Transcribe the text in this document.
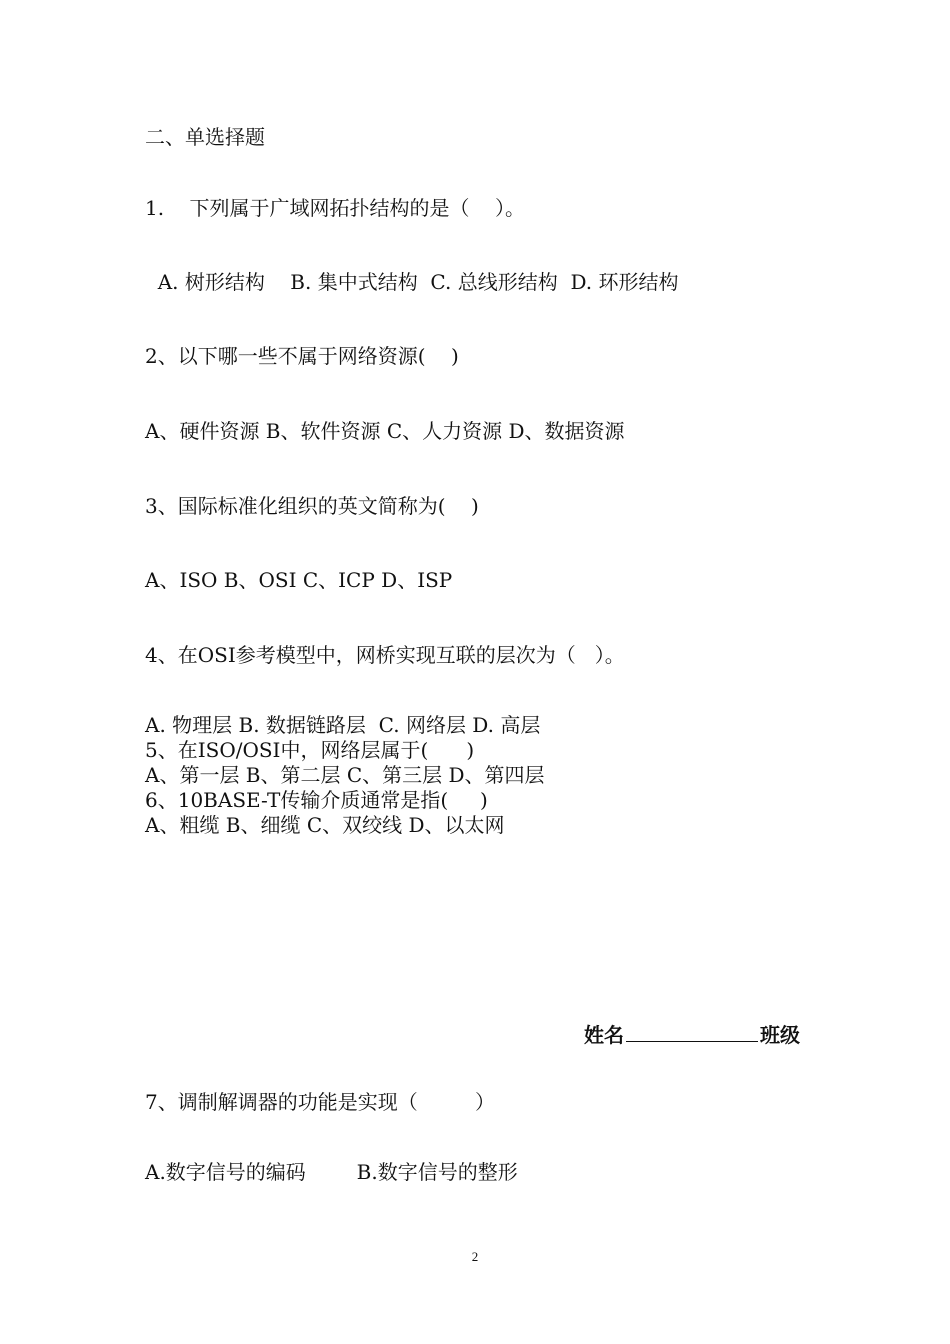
二、单选择题
1.    下列属于广域网拓扑结构的是（    ）。
A. 树形结构    B. 集中式结构  C. 总线形结构  D. 环形结构
2、以下哪一些不属于网络资源(    )
A、硬件资源 B、软件资源 C、人力资源 D、数据资源
3、国际标准化组织的英文简称为(    )
A、ISO B、OSI C、ICP D、ISP
4、在OSI参考模型中，网桥实现互联的层次为（   ）。
A. 物理层 B. 数据链路层  C. 网络层 D. 高层
5、在ISO/OSI中，网络层属于(      )
A、第一层 B、第二层 C、第三层 D、第四层
6、10BASE-T传输介质通常是指(     )
A、粗缆 B、细缆 C、双绞线 D、以太网
姓名	班级
7、调制解调器的功能是实现（         ）
A.数字信号的编码        B.数字信号的整形
2
